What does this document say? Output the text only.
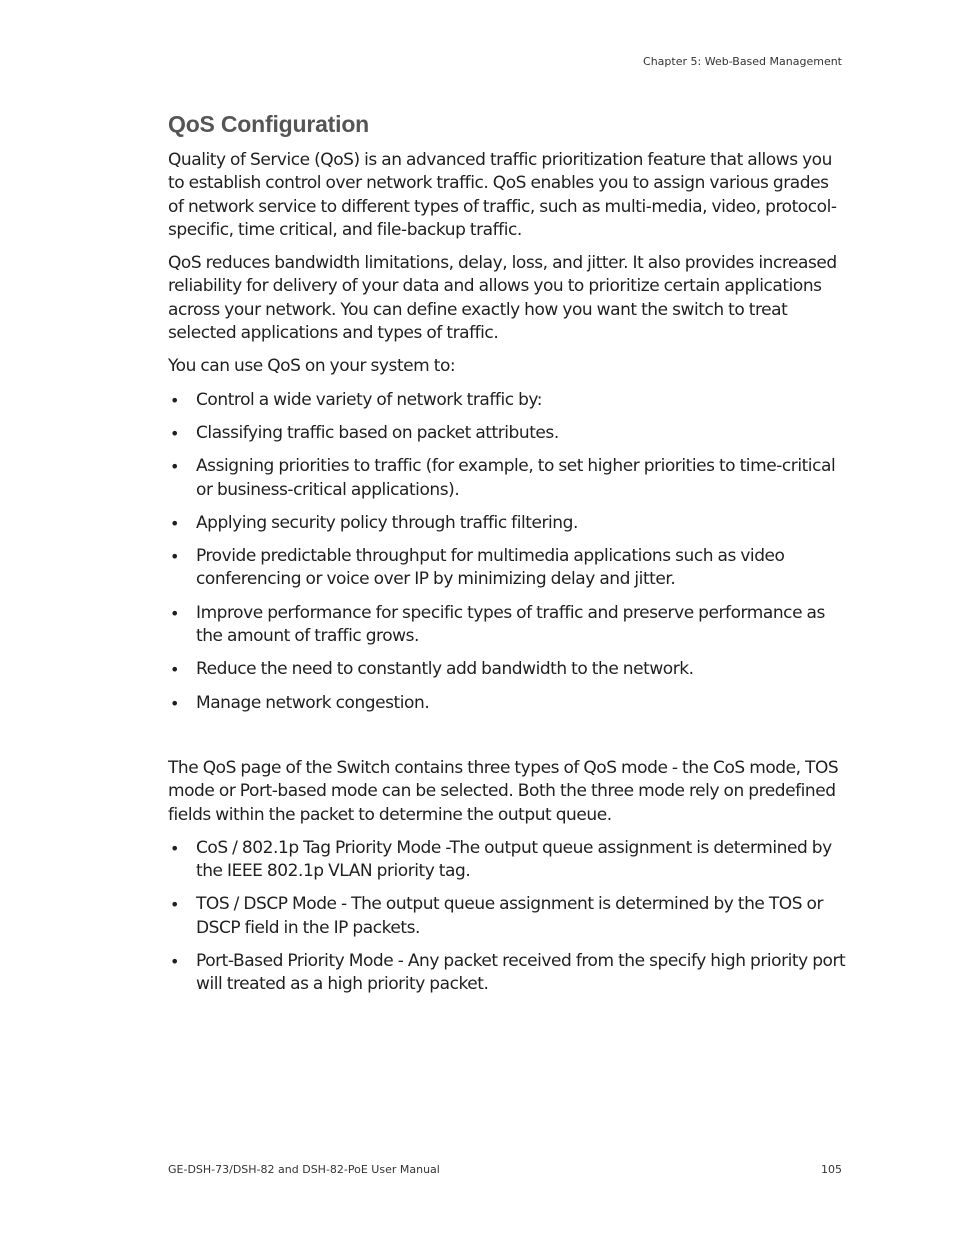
Chapter 5: Web-Based Management
QoS Configuration

Quality of Service (QoS) is an advanced traffic prioritization feature that allows you to establish control over network traffic. QoS enables you to assign various grades of network service to different types of traffic, such as multi-media, video, protocol-specific, time critical, and file-backup traffic.

QoS reduces bandwidth limitations, delay, loss, and jitter. It also provides increased reliability for delivery of your data and allows you to prioritize certain applications across your network. You can define exactly how you want the switch to treat selected applications and types of traffic.

You can use QoS on your system to:

• Control a wide variety of network traffic by:
• Classifying traffic based on packet attributes.
• Assigning priorities to traffic (for example, to set higher priorities to time-critical or business-critical applications).
• Applying security policy through traffic filtering.
• Provide predictable throughput for multimedia applications such as video conferencing or voice over IP by minimizing delay and jitter.
• Improve performance for specific types of traffic and preserve performance as the amount of traffic grows.
• Reduce the need to constantly add bandwidth to the network.
• Manage network congestion.

The QoS page of the Switch contains three types of QoS mode - the CoS mode, TOS mode or Port-based mode can be selected. Both the three mode rely on predefined fields within the packet to determine the output queue.

• CoS / 802.1p Tag Priority Mode -The output queue assignment is determined by the IEEE 802.1p VLAN priority tag.
• TOS / DSCP Mode - The output queue assignment is determined by the TOS or DSCP field in the IP packets.
• Port-Based Priority Mode - Any packet received from the specify high priority port will treated as a high priority packet.
GE-DSH-73/DSH-82 and DSH-82-PoE User Manual	105
